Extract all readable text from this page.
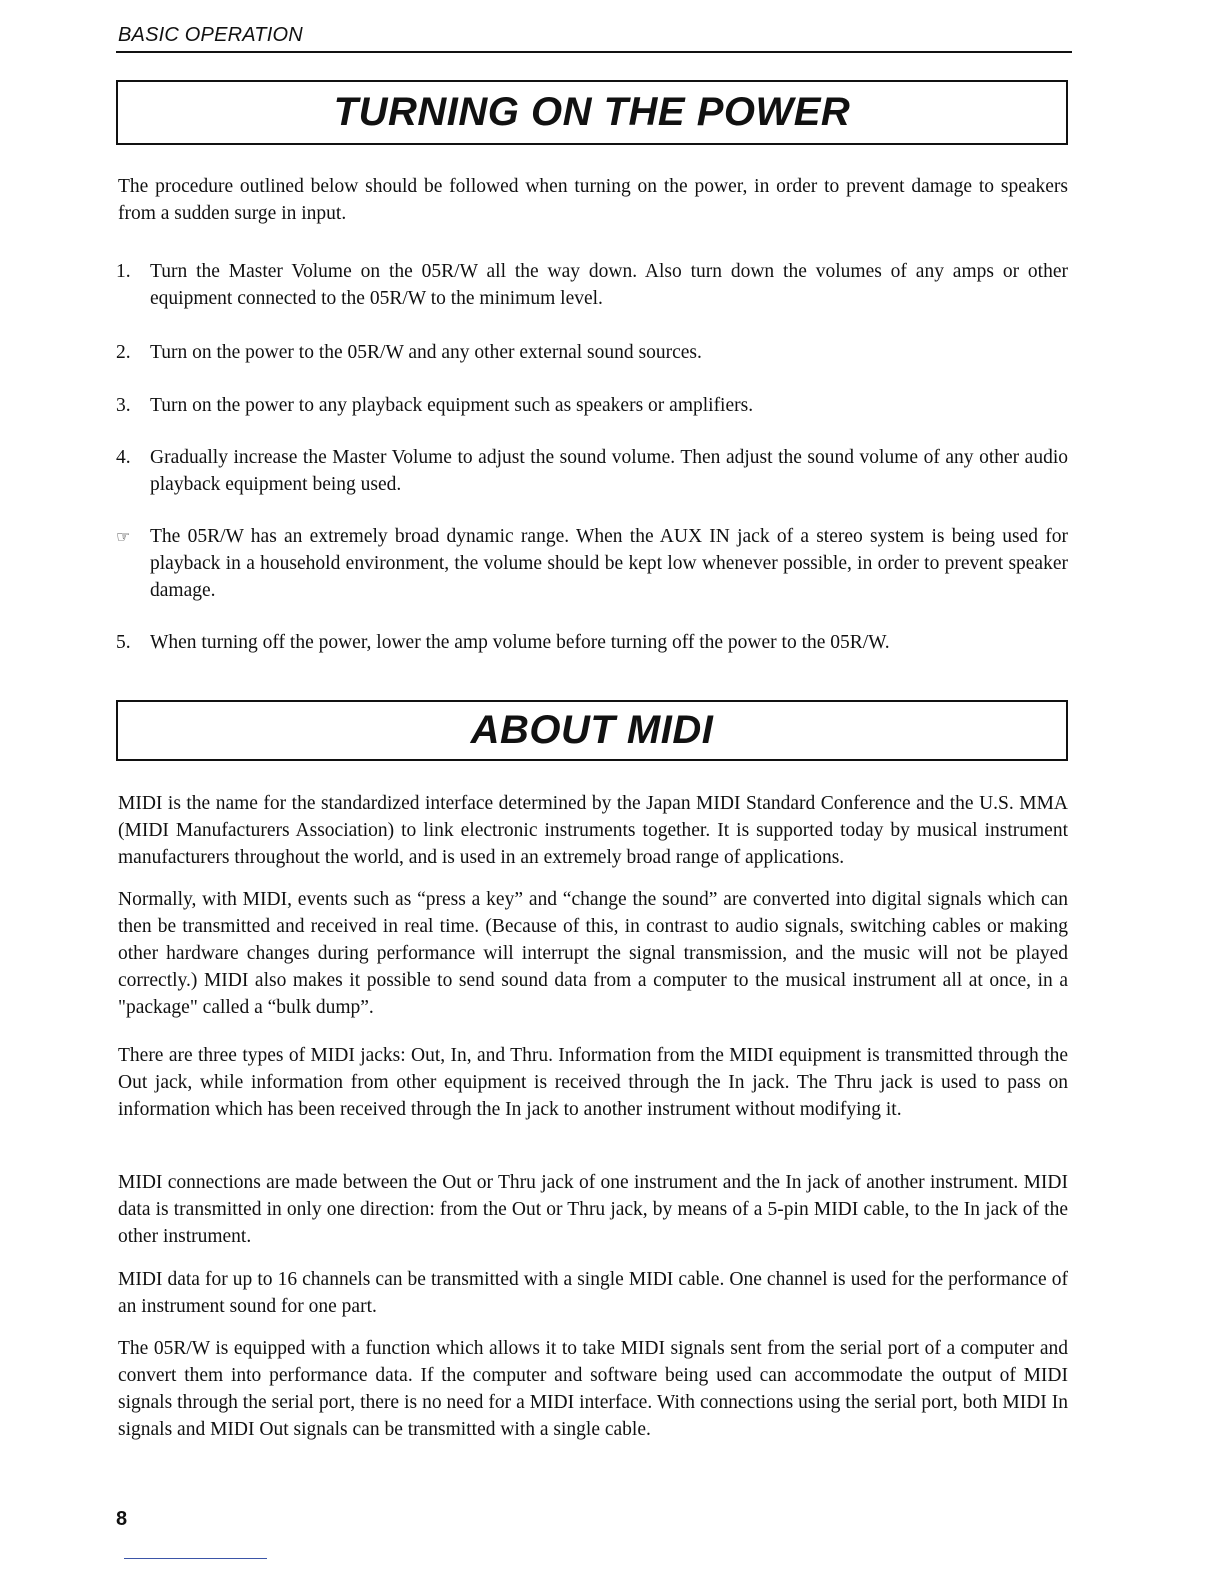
BASIC OPERATION
TURNING ON THE POWER

The procedure outlined below should be followed when turning on the power, in order to prevent damage to speakers from a sudden surge in input.

1. Turn the Master Volume on the 05R/W all the way down. Also turn down the volumes of any amps or other equipment connected to the 05R/W to the minimum level.

2. Turn on the power to the 05R/W and any other external sound sources.

3. Turn on the power to any playback equipment such as speakers or amplifiers.

4. Gradually increase the Master Volume to adjust the sound volume. Then adjust the sound volume of any other audio playback equipment being used.

☞	The 05R/W has an extremely broad dynamic range. When the AUX IN jack of a stereo system is being used for playback in a household environment, the volume should be kept low whenever possible, in order to prevent speaker damage.

5. When turning off the power, lower the amp volume before turning off the power to the 05R/W.

ABOUT MIDI

MIDI is the name for the standardized interface determined by the Japan MIDI Standard Conference and the U.S. MMA (MIDI Manufacturers Association) to link electronic instruments together. It is supported today by musical instrument manufacturers throughout the world, and is used in an extremely broad range of applications.

Normally, with MIDI, events such as “press a key” and “change the sound” are converted into digital signals which can then be transmitted and received in real time. (Because of this, in contrast to audio signals, switching cables or making other hardware changes during performance will interrupt the signal transmission, and the music will not be played correctly.) MIDI also makes it possible to send sound data from a computer to the musical instrument all at once, in a "package" called a “bulk dump”.

There are three types of MIDI jacks: Out, In, and Thru. Information from the MIDI equipment is transmitted through the Out jack, while information from other equipment is received through the In jack. The Thru jack is used to pass on information which has been received through the In jack to another instrument without modifying it.

MIDI connections are made between the Out or Thru jack of one instrument and the In jack of another instrument. MIDI data is transmitted in only one direction: from the Out or Thru jack, by means of a 5-pin MIDI cable, to the In jack of the other instrument.

MIDI data for up to 16 channels can be transmitted with a single MIDI cable. One channel is used for the performance of an instrument sound for one part.

The 05R/W is equipped with a function which allows it to take MIDI signals sent from the serial port of a computer and convert them into performance data. If the computer and software being used can accommodate the output of MIDI signals through the serial port, there is no need for a MIDI interface. With connections using the serial port, both MIDI In signals and MIDI Out signals can be transmitted with a single cable.

8
